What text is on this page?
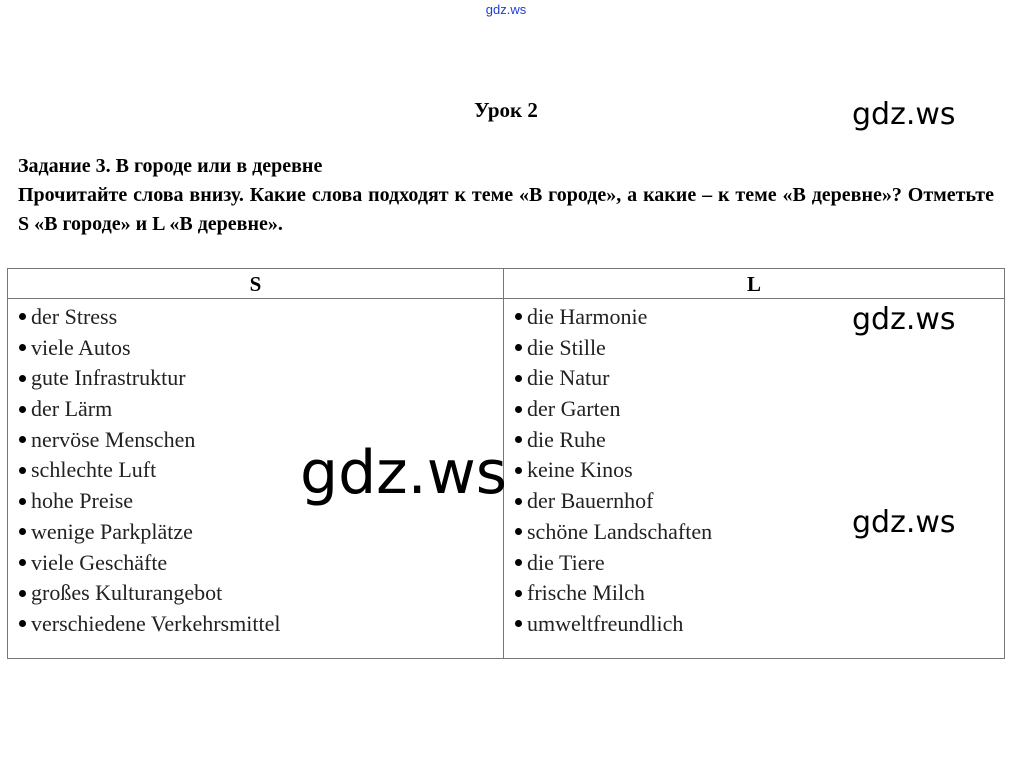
gdz.ws
Урок 2
Задание 3. В городе или в деревне
Прочитайте слова внизу. Какие слова подходят к теме «В городе», а какие – к теме «В деревне»? Отметьте S «В городе» и L «В деревне».
S	L
der Stress
viele Autos
gute Infrastruktur
der Lärm
nervöse Menschen
schlechte Luft
hohe Preise
wenige Parkplätze
viele Geschäfte
großes Kulturangebot
verschiedene Verkehrsmittel
die Harmonie
die Stille
die Natur
der Garten
die Ruhe
keine Kinos
der Bauernhof
schöne Landschaften
die Tiere
frische Milch
umweltfreundlich
gdz.ws
gdz.ws
gdz.ws
gdz.ws
